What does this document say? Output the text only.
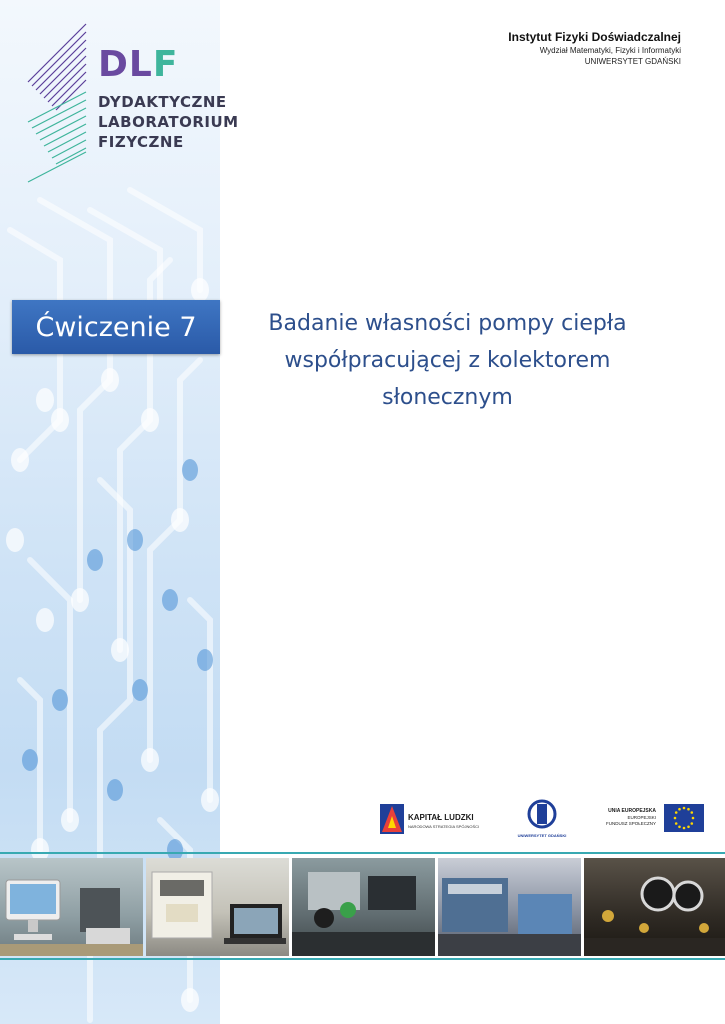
DLF
DYDAKTYCZNE
LABORATORIUM
FIZYCZNE
Ćwiczenie 7
Instytut Fizyki Doświadczalnej
Wydział Matematyki, Fizyki i Informatyki
UNIWERSYTET GDAŃSKI
Badanie własności pompy ciepła
współpracującej z kolektorem
słonecznym
KAPITAŁ LUDZKI
NARODOWA STRATEGIA SPÓJNOŚCI
UNIWERSYTET GDAŃSKI
UNIA EUROPEJSKA
EUROPEJSKI
FUNDUSZ SPOŁECZNY
